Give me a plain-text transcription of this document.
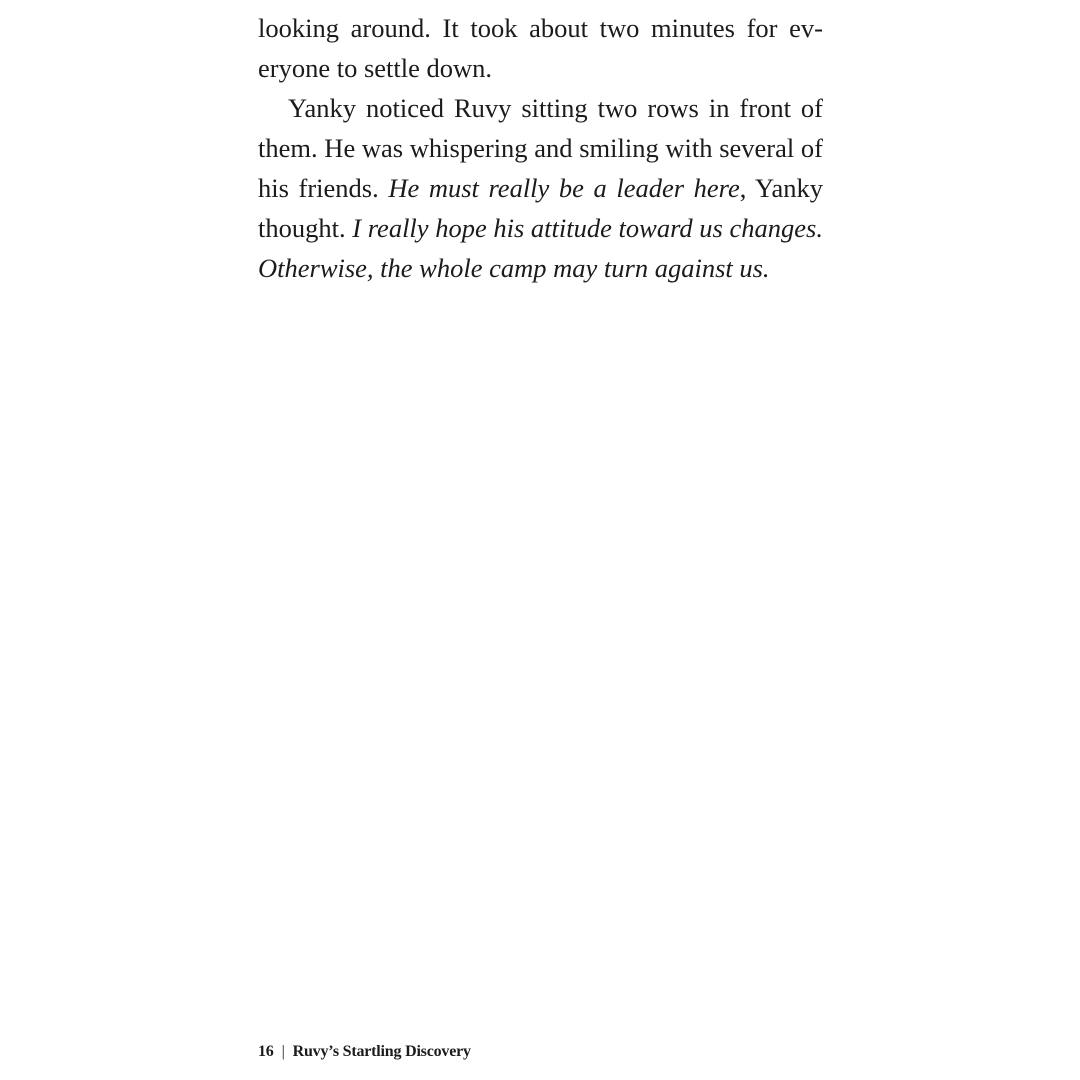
looking around. It took about two minutes for everyone to settle down.

Yanky noticed Ruvy sitting two rows in front of them. He was whispering and smiling with several of his friends. He must really be a leader here, Yanky thought. I really hope his attitude toward us changes. Otherwise, the whole camp may turn against us.

16 | Ruvy’s Startling Discovery
